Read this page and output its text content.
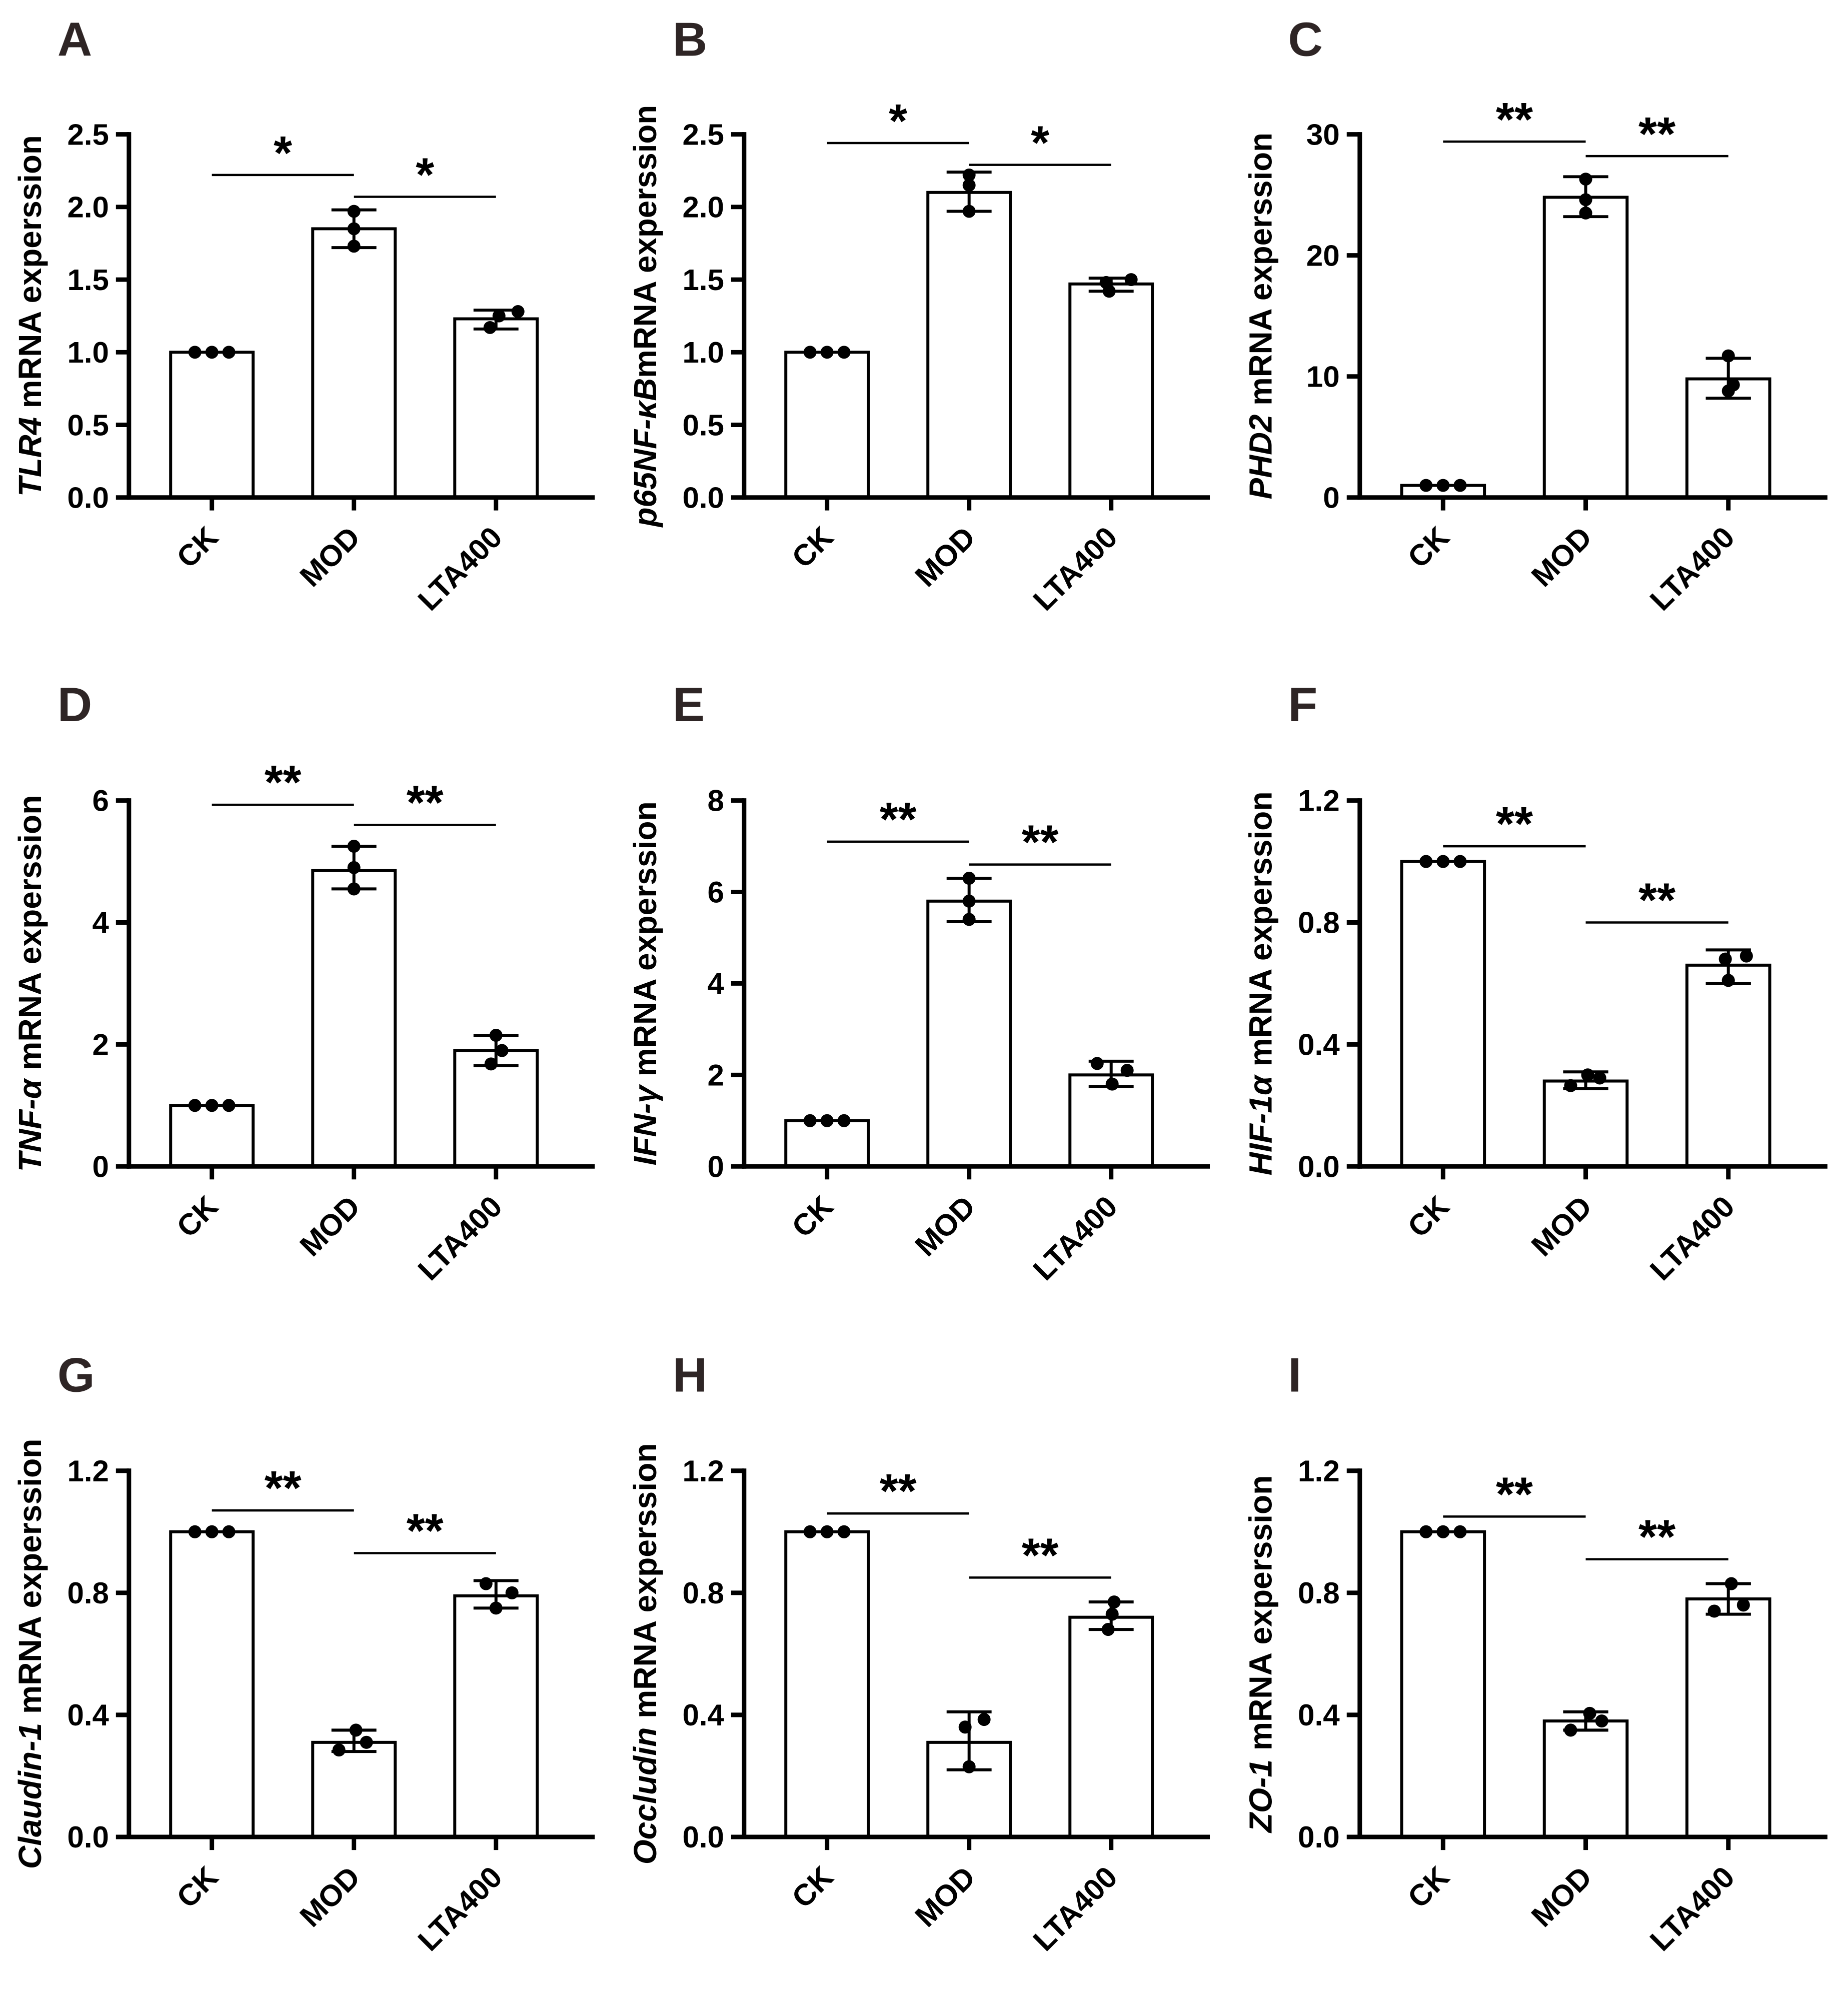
A
TLR4 mRNA experssion	*	*
0.0
0.5
1.0
1.5
2.0
2.5
CK MOD LTA400
B
p65NF-κBmRNA experssion	*	*
0.0
0.5
1.0
1.5
2.0
2.5
CK MOD LTA400
C
PHD2 mRNA experssion
** **
0
10
20
30
CK MOD LTA400
D
TNF-α mRNA experssion
** **
0
2
4
6
CK MOD LTA400
E
IFN-γ mRNA experssion	** **
0
2
4
6
8
CK MOD LTA400
F
HIF-1α mRNA experssion	**
**
0.0
0.4
0.8
1.2
CK MOD LTA400
G
Claudin-1 mRNA experssion	**
**
0.0
0.4
0.8
1.2
CK MOD LTA400
H
Occludin mRNA experssion	**
**
0.0
0.4
0.8
1.2
CK MOD LTA400
I
ZO-1 mRNA experssion	**
**
0.0
0.4
0.8
1.2
CK MOD LTA400
